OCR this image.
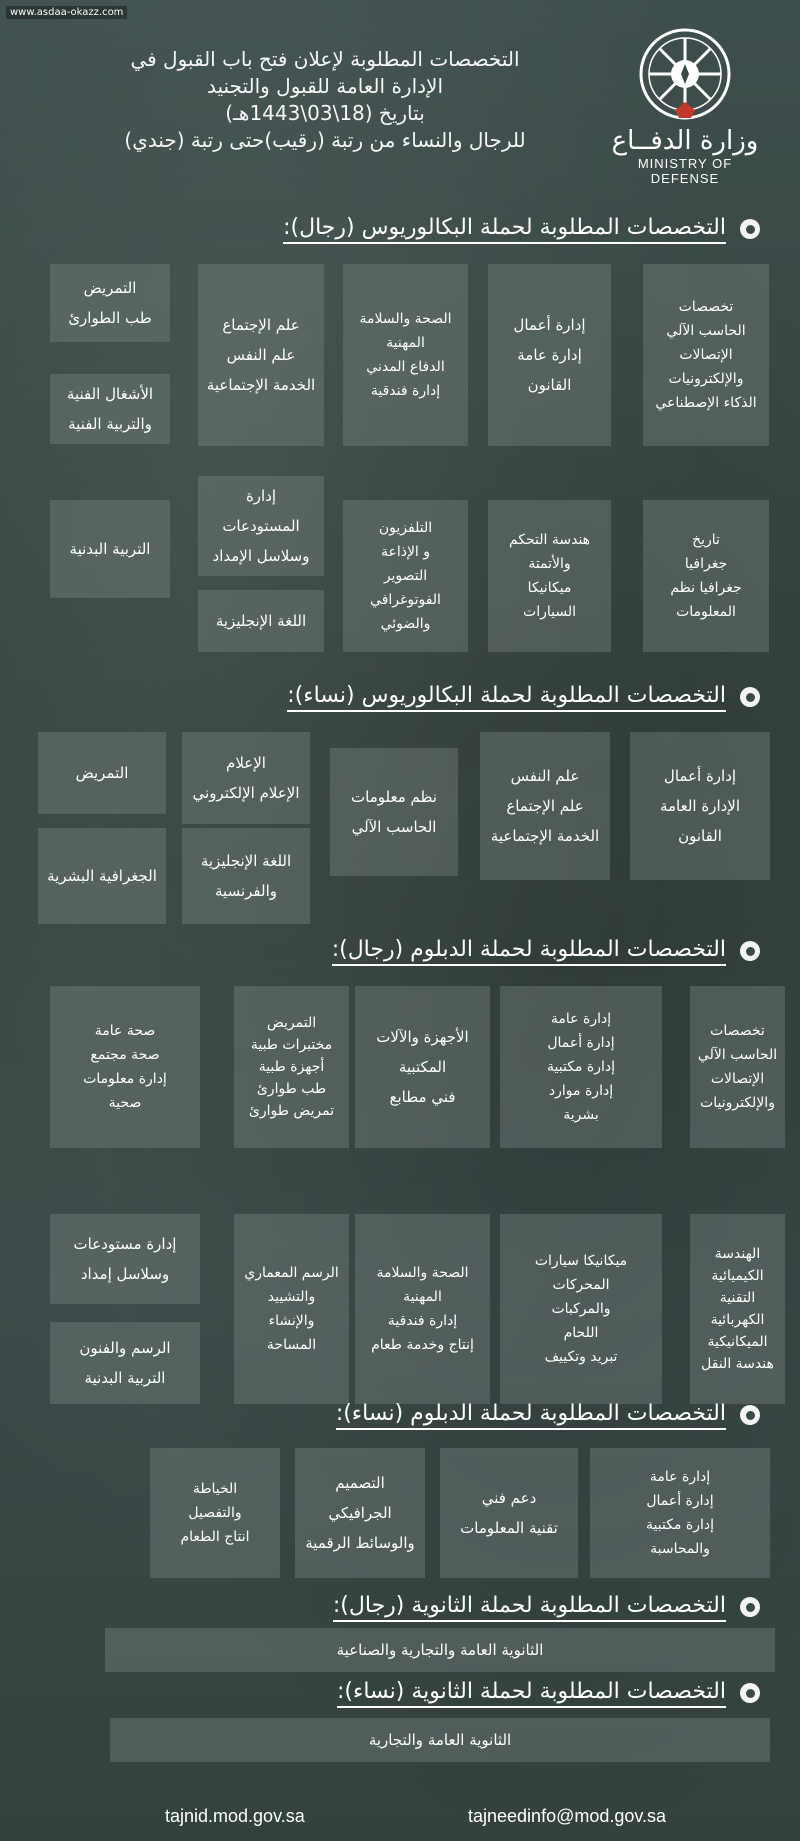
www.asdaa-okazz.com
وزارة الدفــاع
MINISTRY OF DEFENSE
التخصصات المطلوبة لإعلان فتح باب القبول في
الإدارة العامة للقبول والتجنيد
بتاريخ (18\03\1443هـ)
للرجال والنساء من رتبة (رقيب)حتى رتبة (جندي)
التخصصات المطلوبة لحملة البكالوريوس (رجال):
تخصصات
الحاسب الآلي
الإتصالات
والإلكترونيات
الذكاء الإصطناعي
إدارة أعمال
إدارة عامة
القانون
الصحة والسلامة
المهنية
الدفاع المدني
إدارة فندقية
علم الإجتماع
علم النفس
الخدمة الإجتماعية
التمريض
طب الطوارئ
الأشغال الفنية
والتربية الفنية
تاريخ
جغرافيا
جغرافيا نظم
المعلومات
هندسة التحكم
والأتمتة
ميكانيكا
السيارات
التلفزيون
و الإذاعة
التصوير
الفوتوغرافي
والضوئي
إدارة
المستودعات
وسلاسل الإمداد
اللغة الإنجليزية
التربية البدنية
التخصصات المطلوبة لحملة البكالوريوس (نساء):
إدارة أعمال
الإدارة العامة
القانون
علم النفس
علم الإجتماع
الخدمة الإجتماعية
نظم معلومات
الحاسب الآلي
الإعلام
الإعلام الإلكتروني
اللغة الإنجليزية
والفرنسية
التمريض
الجغرافية البشرية
التخصصات المطلوبة لحملة الدبلوم (رجال):
تخصصات
الحاسب الآلي
الإتصالات
والإلكترونيات
إدارة عامة
إدارة أعمال
إدارة مكتبية
إدارة موارد
بشرية
الأجهزة والآلات
المكتبية
فني مطابع
التمريض
مختبرات طبية
أجهزة طبية
طب طوارئ
تمريض طوارئ
صحة عامة
صحة مجتمع
إدارة معلومات
صحية
الهندسة
الكيميائية
التقنية
الكهربائية
الميكانيكية
هندسة النقل
ميكانيكا سيارات
المحركات
والمركبات
اللحام
تبريد وتكييف
الصحة والسلامة
المهنية
إدارة فندقية
إنتاج وخدمة طعام
الرسم المعماري
والتشييد
والإنشاء
المساحة
إدارة مستودعات
وسلاسل إمداد
الرسم والفنون
التربية البدنية
التخصصات المطلوبة لحملة الدبلوم (نساء):
إدارة عامة
إدارة أعمال
إدارة مكتبية
والمحاسبة
دعم فني
تقنية المعلومات
التصميم
الجرافيكي
والوسائط الرقمية
الخياطة
والتفصيل
انتاج الطعام
التخصصات المطلوبة لحملة الثانوية (رجال):
الثانوية العامة والتجارية والصناعية
التخصصات المطلوبة لحملة الثانوية (نساء):
الثانوية العامة والتجارية
tajnid.mod.gov.sa	tajneedinfo@mod.gov.sa
